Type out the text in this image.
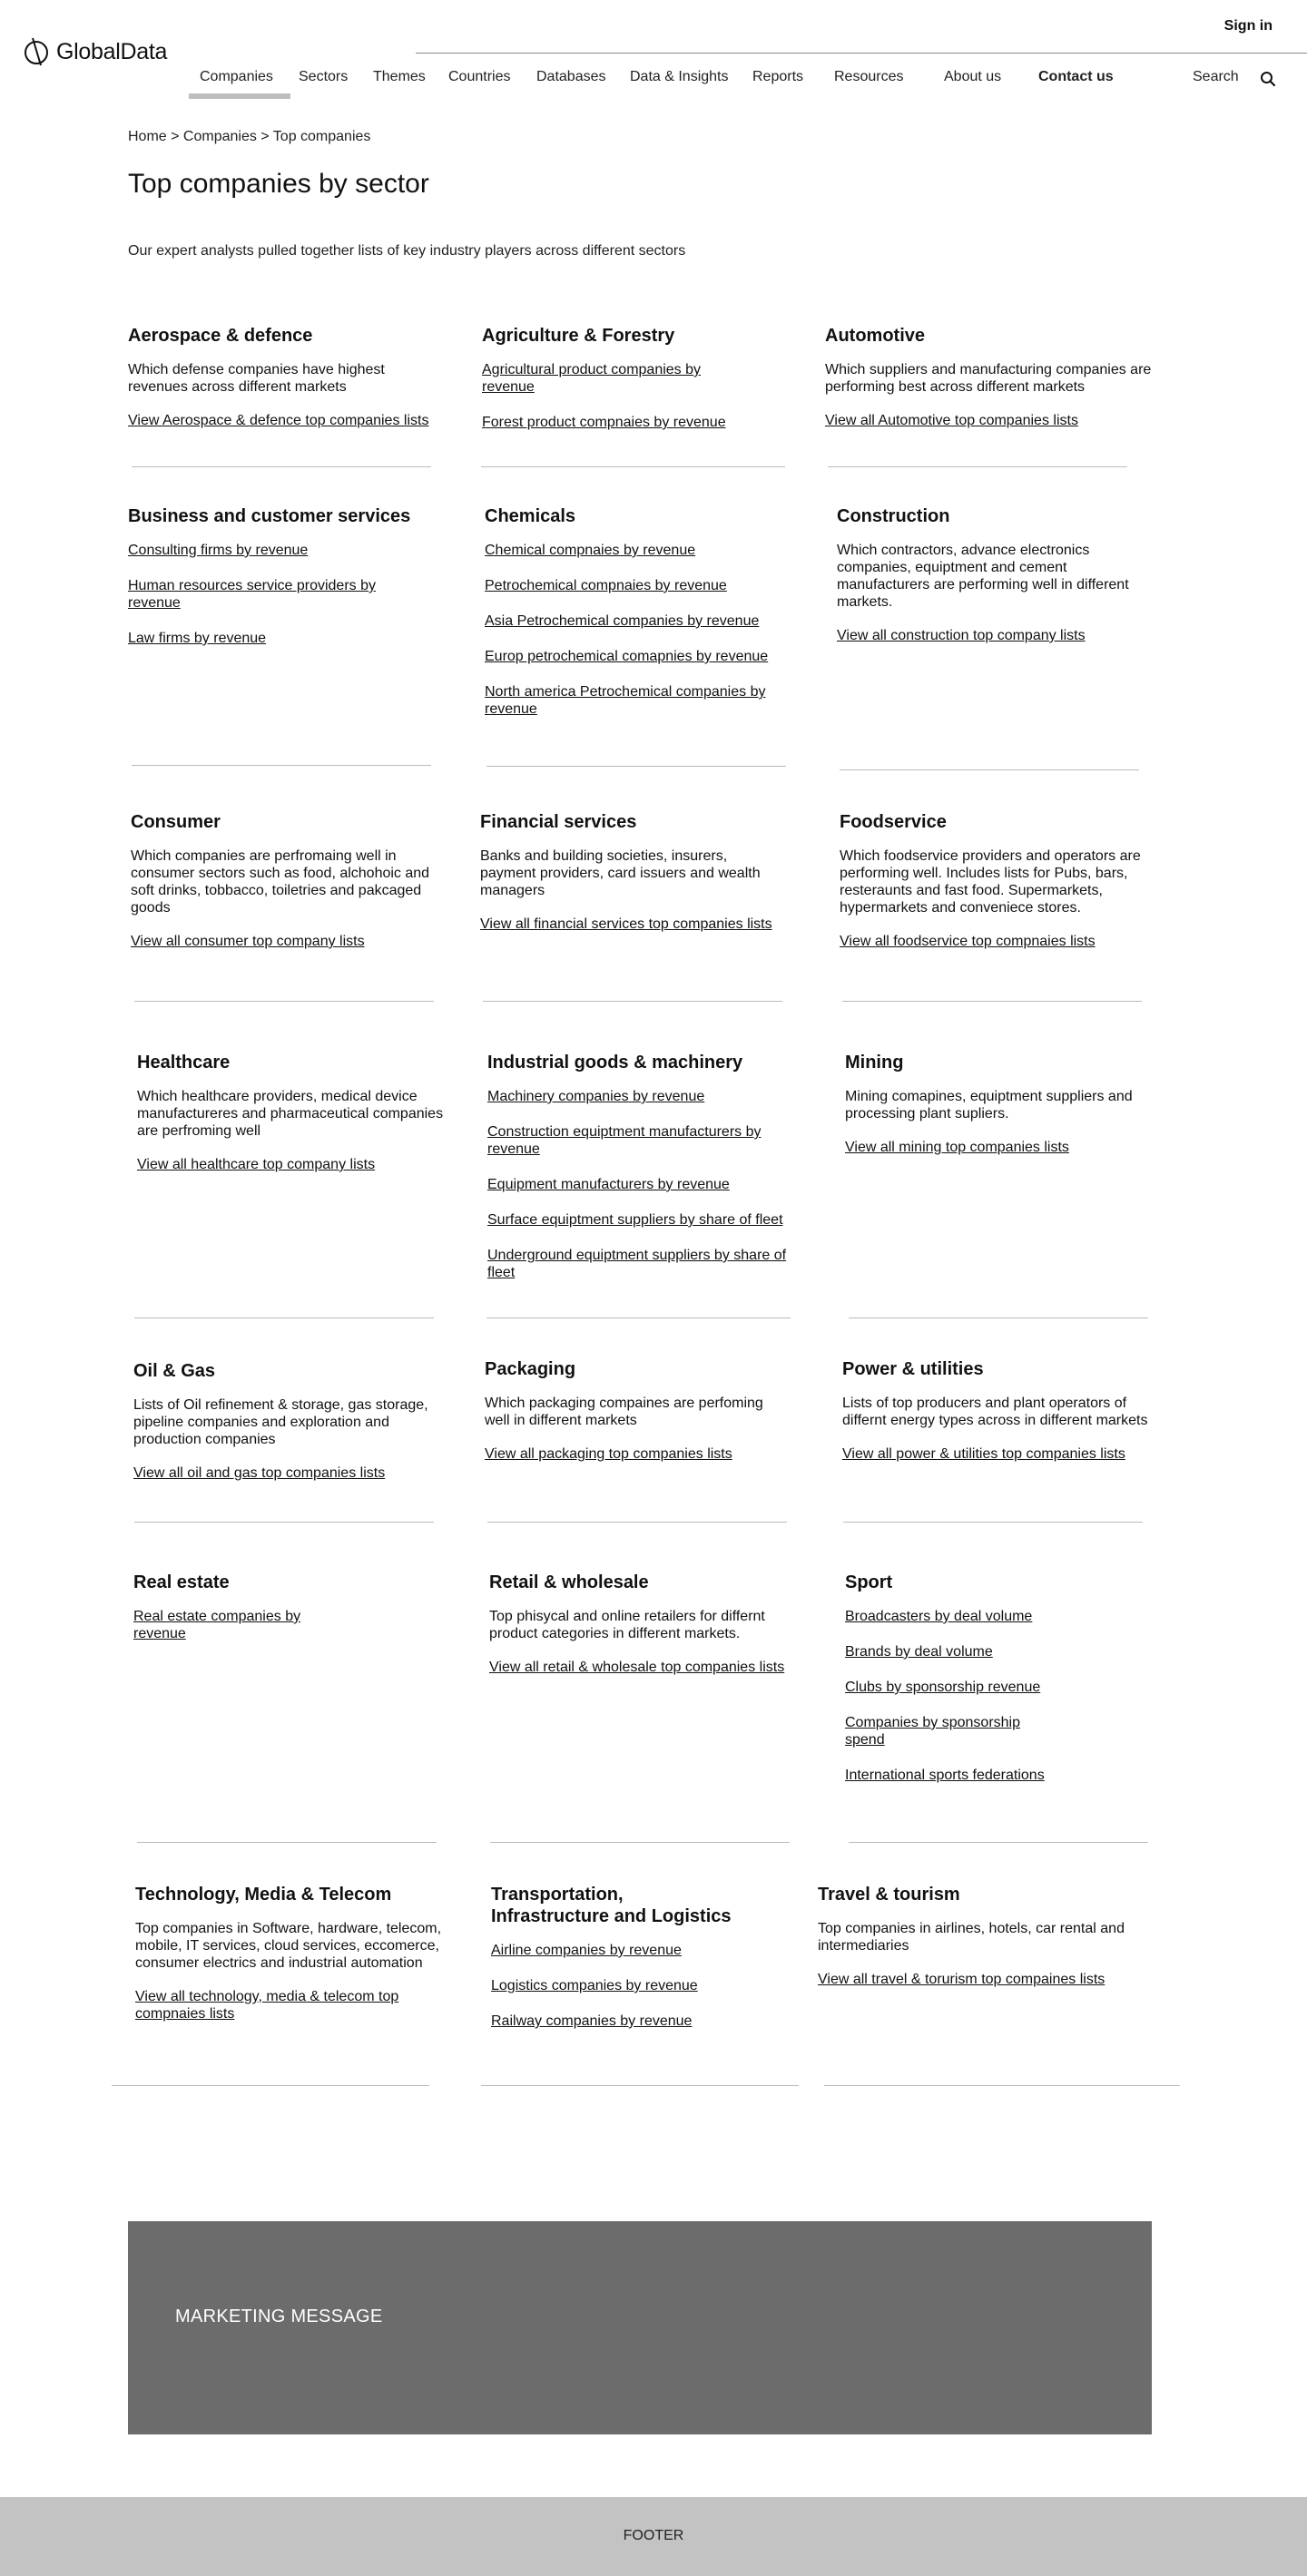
GlobalData
Sign in
Companies Sectors Themes Countries Databases Data & Insights Reports Resources	About us	Contact us	Search
Home > Companies > Top companies
Top companies by sector

Our expert analysts pulled together lists of key industry players across different sectors

Aerospace & defence

Which defense companies have highest revenues across different markets

View Aerospace & defence top companies lists
Agriculture & Forestry
Agricultural product companies by revenue
Forest product compnaies by revenue
Automotive

Which suppliers and manufacturing companies are performing best across different markets

View all Automotive top companies lists
Business and customer services
Consulting firms by revenue
Human resources service providers by revenue
Law firms by revenue
Chemicals
Chemical compnaies by revenue
Petrochemical compnaies by revenue
Asia Petrochemical companies by revenue
Europ petrochemical comapnies by revenue
North america Petrochemical companies by revenue
Construction

Which contractors, advance electronics companies, equiptment and cement manufacturers are performing well in different markets.

View all construction top company lists
Consumer

Which companies are perfromaing well in consumer sectors such as food, alchohoic and soft drinks, tobbacco, toiletries and pakcaged goods

View all consumer top company lists
Financial services

Banks and building societies, insurers, payment providers, card issuers and wealth managers

View all financial services top companies lists
Foodservice

Which foodservice providers and operators are performing well. Includes lists for Pubs, bars, resteraunts and fast food. Supermarkets, hypermarkets and conveniece stores.

View all foodservice top compnaies lists
Healthcare

Which healthcare providers, medical device manufactureres and pharmaceutical companies are perfroming well

View all healthcare top company lists
Industrial goods & machinery
Machinery companies by revenue
Construction equiptment manufacturers by revenue
Equipment manufacturers by revenue
Surface equiptment suppliers by share of fleet
Underground equiptment suppliers by share of fleet
Mining

Mining comapines, equiptment suppliers and processing plant supliers.

View all mining top companies lists
Oil & Gas

Lists of Oil refinement & storage, gas storage, pipeline companies and exploration and production companies

View all oil and gas top companies lists
Packaging

Which packaging compaines are perfoming well in different markets

View all packaging top companies lists
Power & utilities

Lists of top producers and plant operators of differnt energy types across in different markets

View all power & utilities top companies lists
Real estate
Real estate companies by revenue
Retail & wholesale

Top phisycal and online retailers for differnt product categories in different markets.

View all retail & wholesale top companies lists
Sport
Broadcasters by deal volume
Brands by deal volume
Clubs by sponsorship revenue
Companies by sponsorship spend
International sports federations
Technology, Media & Telecom

Top companies in Software, hardware, telecom, mobile, IT services, cloud services, eccomerce, consumer electrics and industrial automation

View all technology, media & telecom top compnaies lists
Transportation, Infrastructure and Logistics
Airline companies by revenue
Logistics companies by revenue
Railway companies by revenue
Travel & tourism

Top companies in airlines, hotels, car rental and intermediaries

View all travel & torurism top compaines lists
MARKETING MESSAGE
FOOTER
